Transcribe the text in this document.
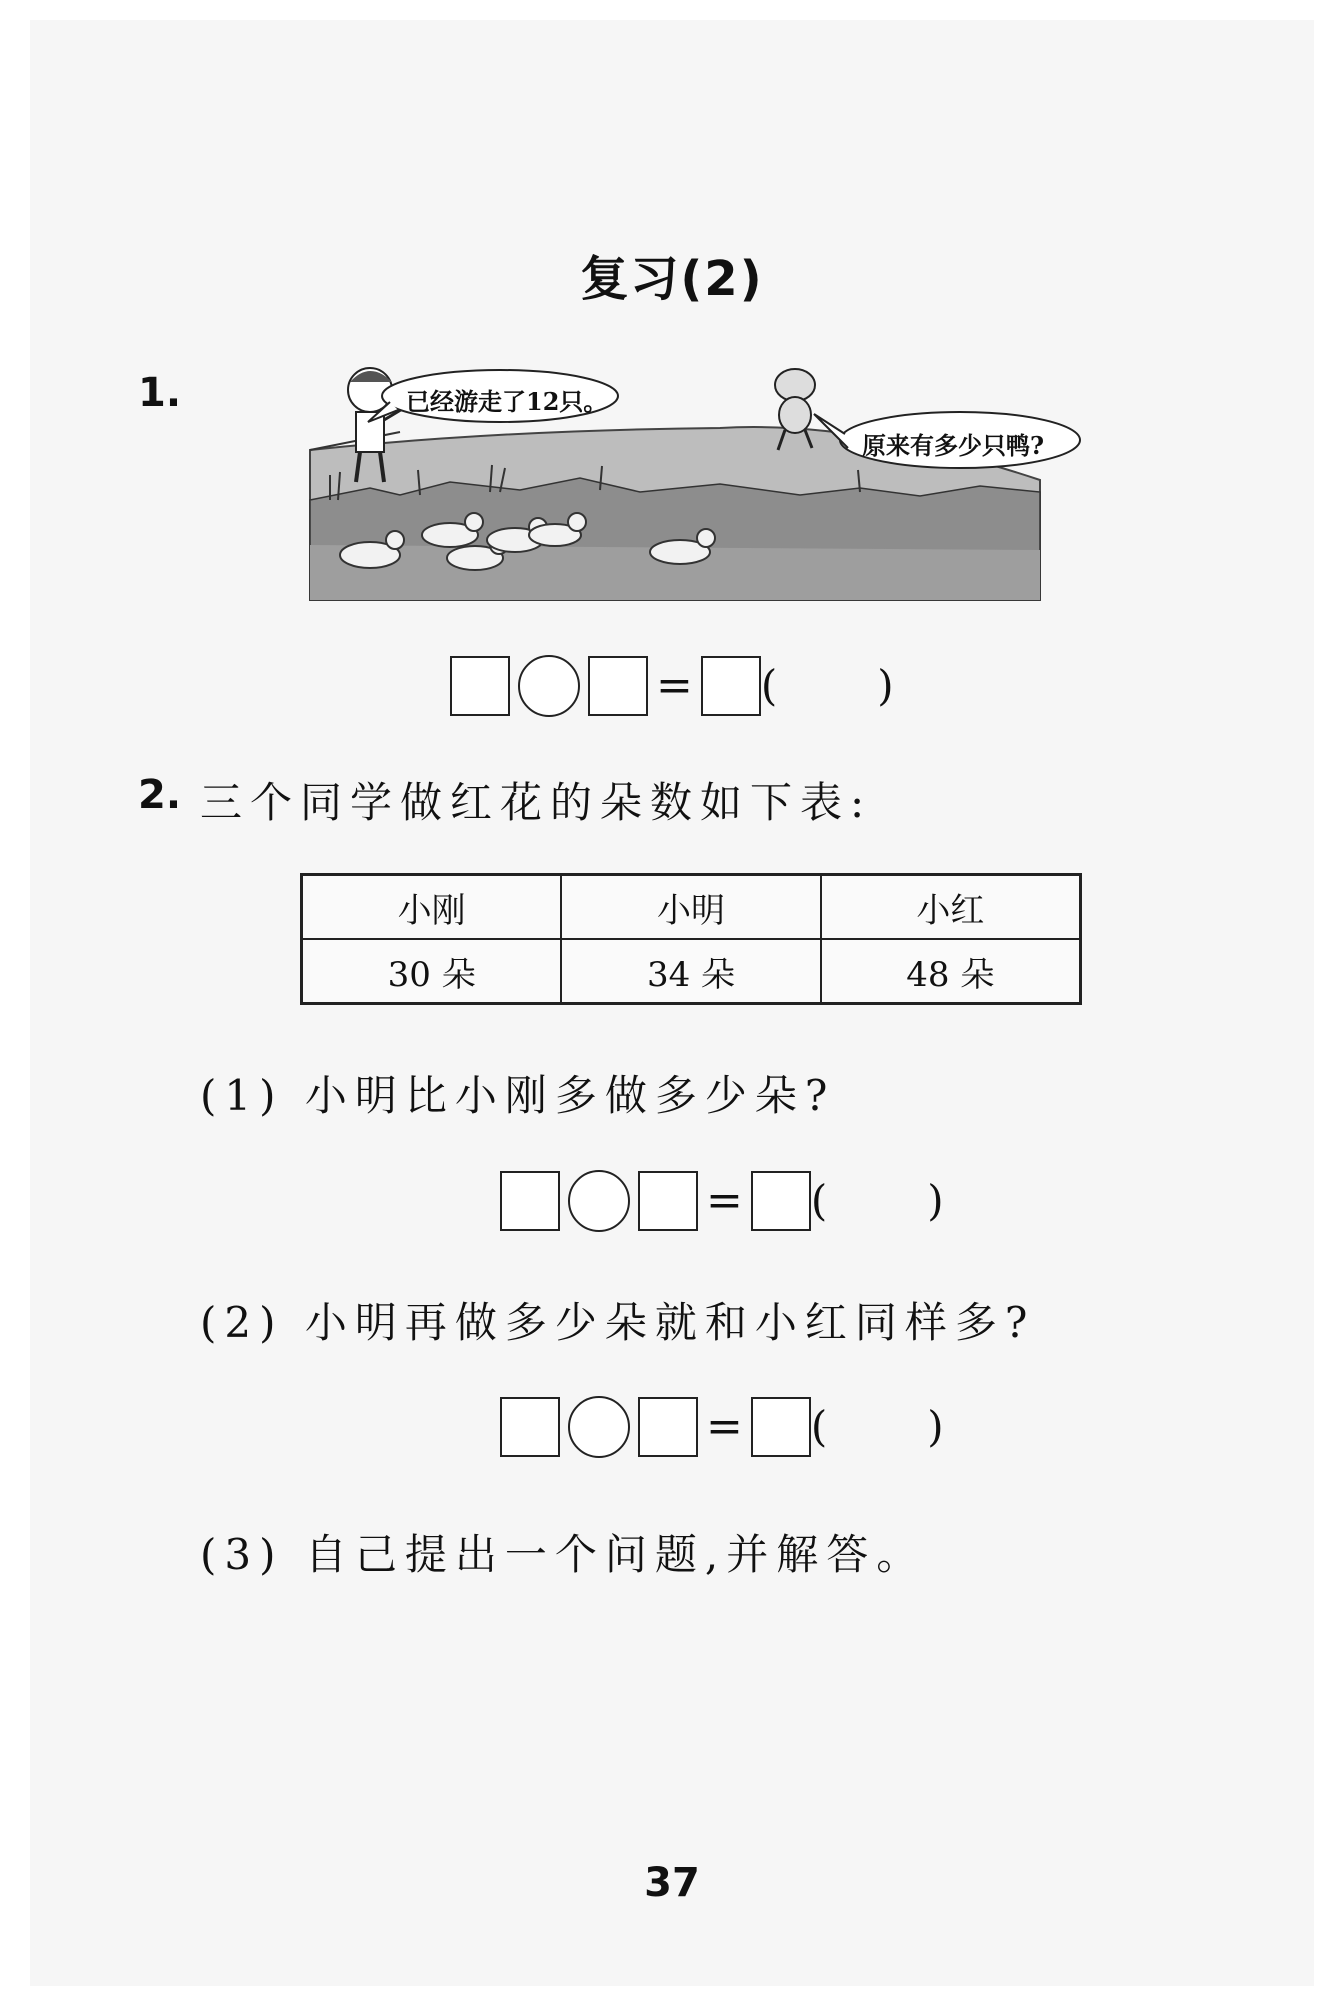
复习(2)
1.	已经游走了12只。
原来有多少只鸭?
= ( )
2. 三个同学做红花的朵数如下表:
小刚	小明	小红
30 朵	34 朵	48 朵
(1) 小明比小刚多做多少朵?
= ( )
(2) 小明再做多少朵就和小红同样多?
= ( )
(3) 自己提出一个问题,并解答。
37
